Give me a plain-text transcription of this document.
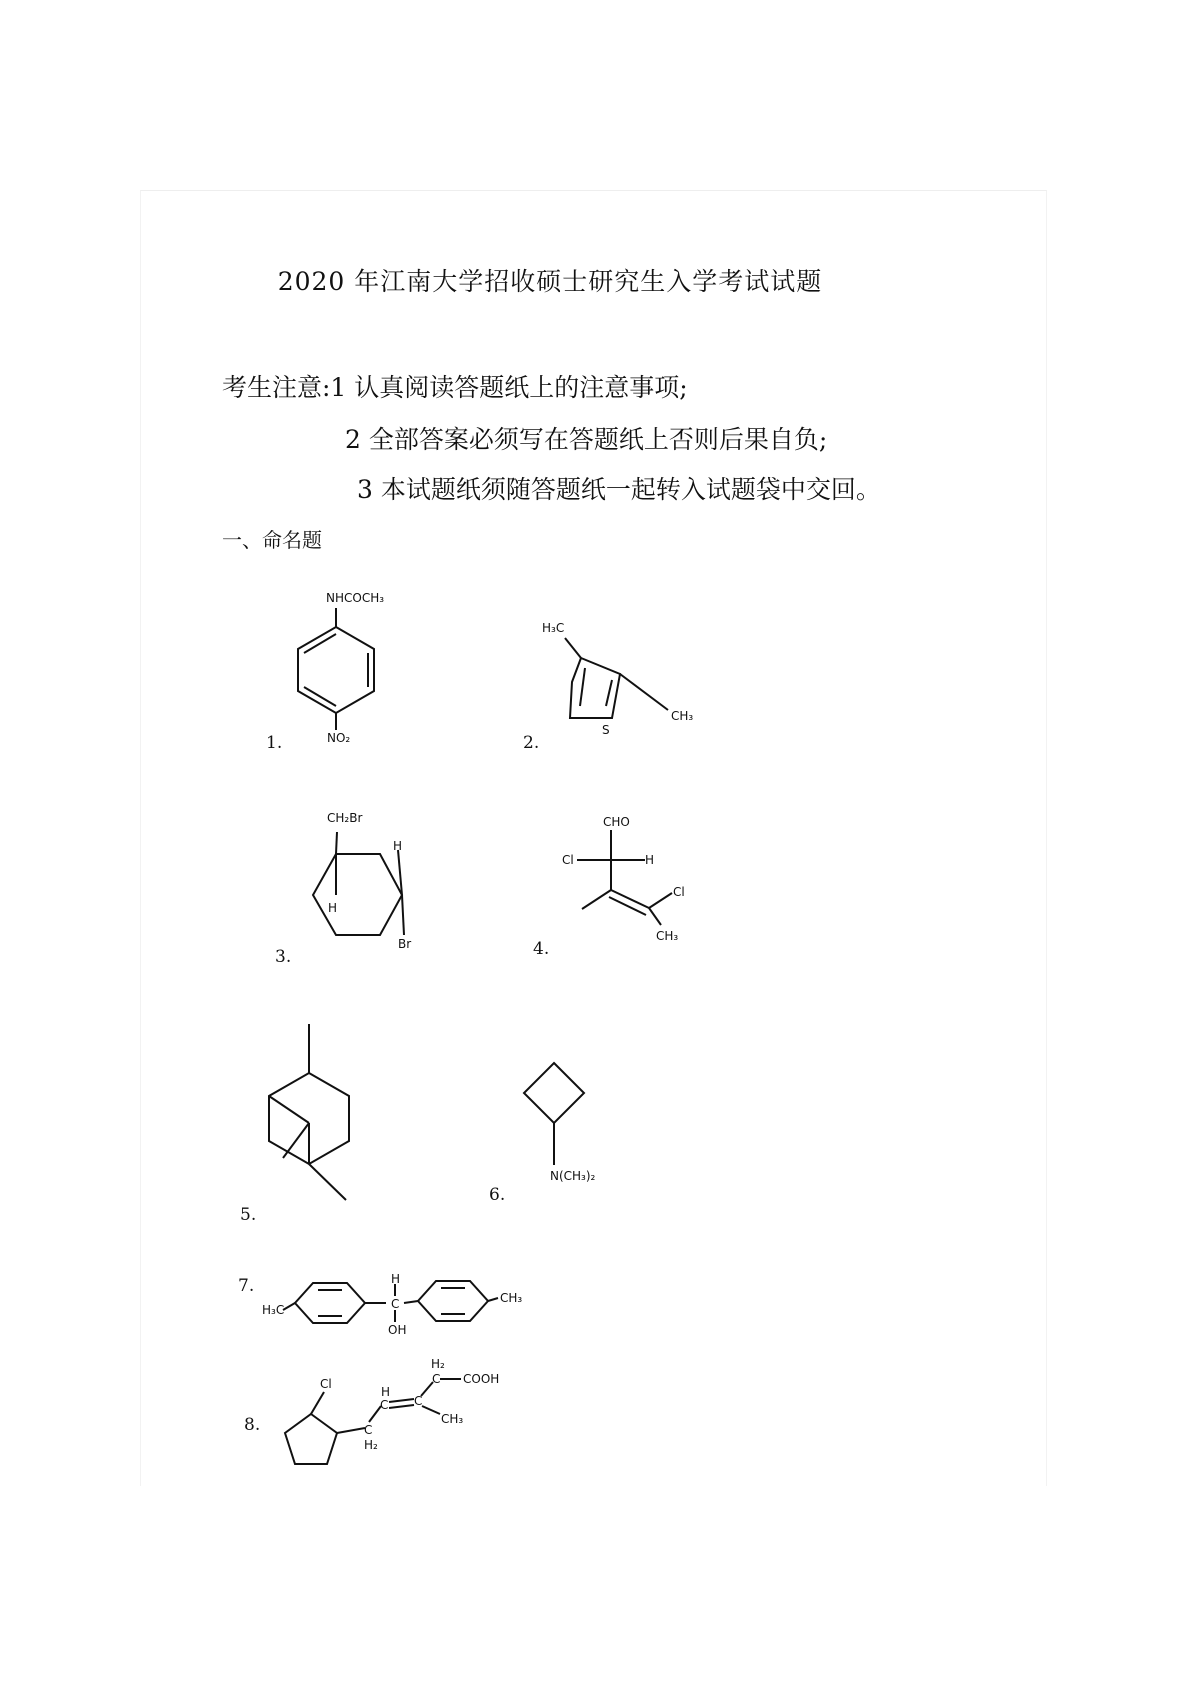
2020 年江南大学招收硕士研究生入学考试试题
考生注意:1 认真阅读答题纸上的注意事项;
2 全部答案必须写在答题纸上否则后果自负;
3 本试题纸须随答题纸一起转入试题袋中交回。
一、命名题
1.	2.
3.	4.
5.
6.
7.
8.
NHCOCH₃
NO₂
H₃C
CH₃
S
CH₂Br
H
H
Br
CHO
Cl	H
Cl
CH₃
N(CH₃)₂
H₃C
CH₃
H
C
OH
Cl
C
H₂
H
C C
C
H₂
COOH
CH₃
